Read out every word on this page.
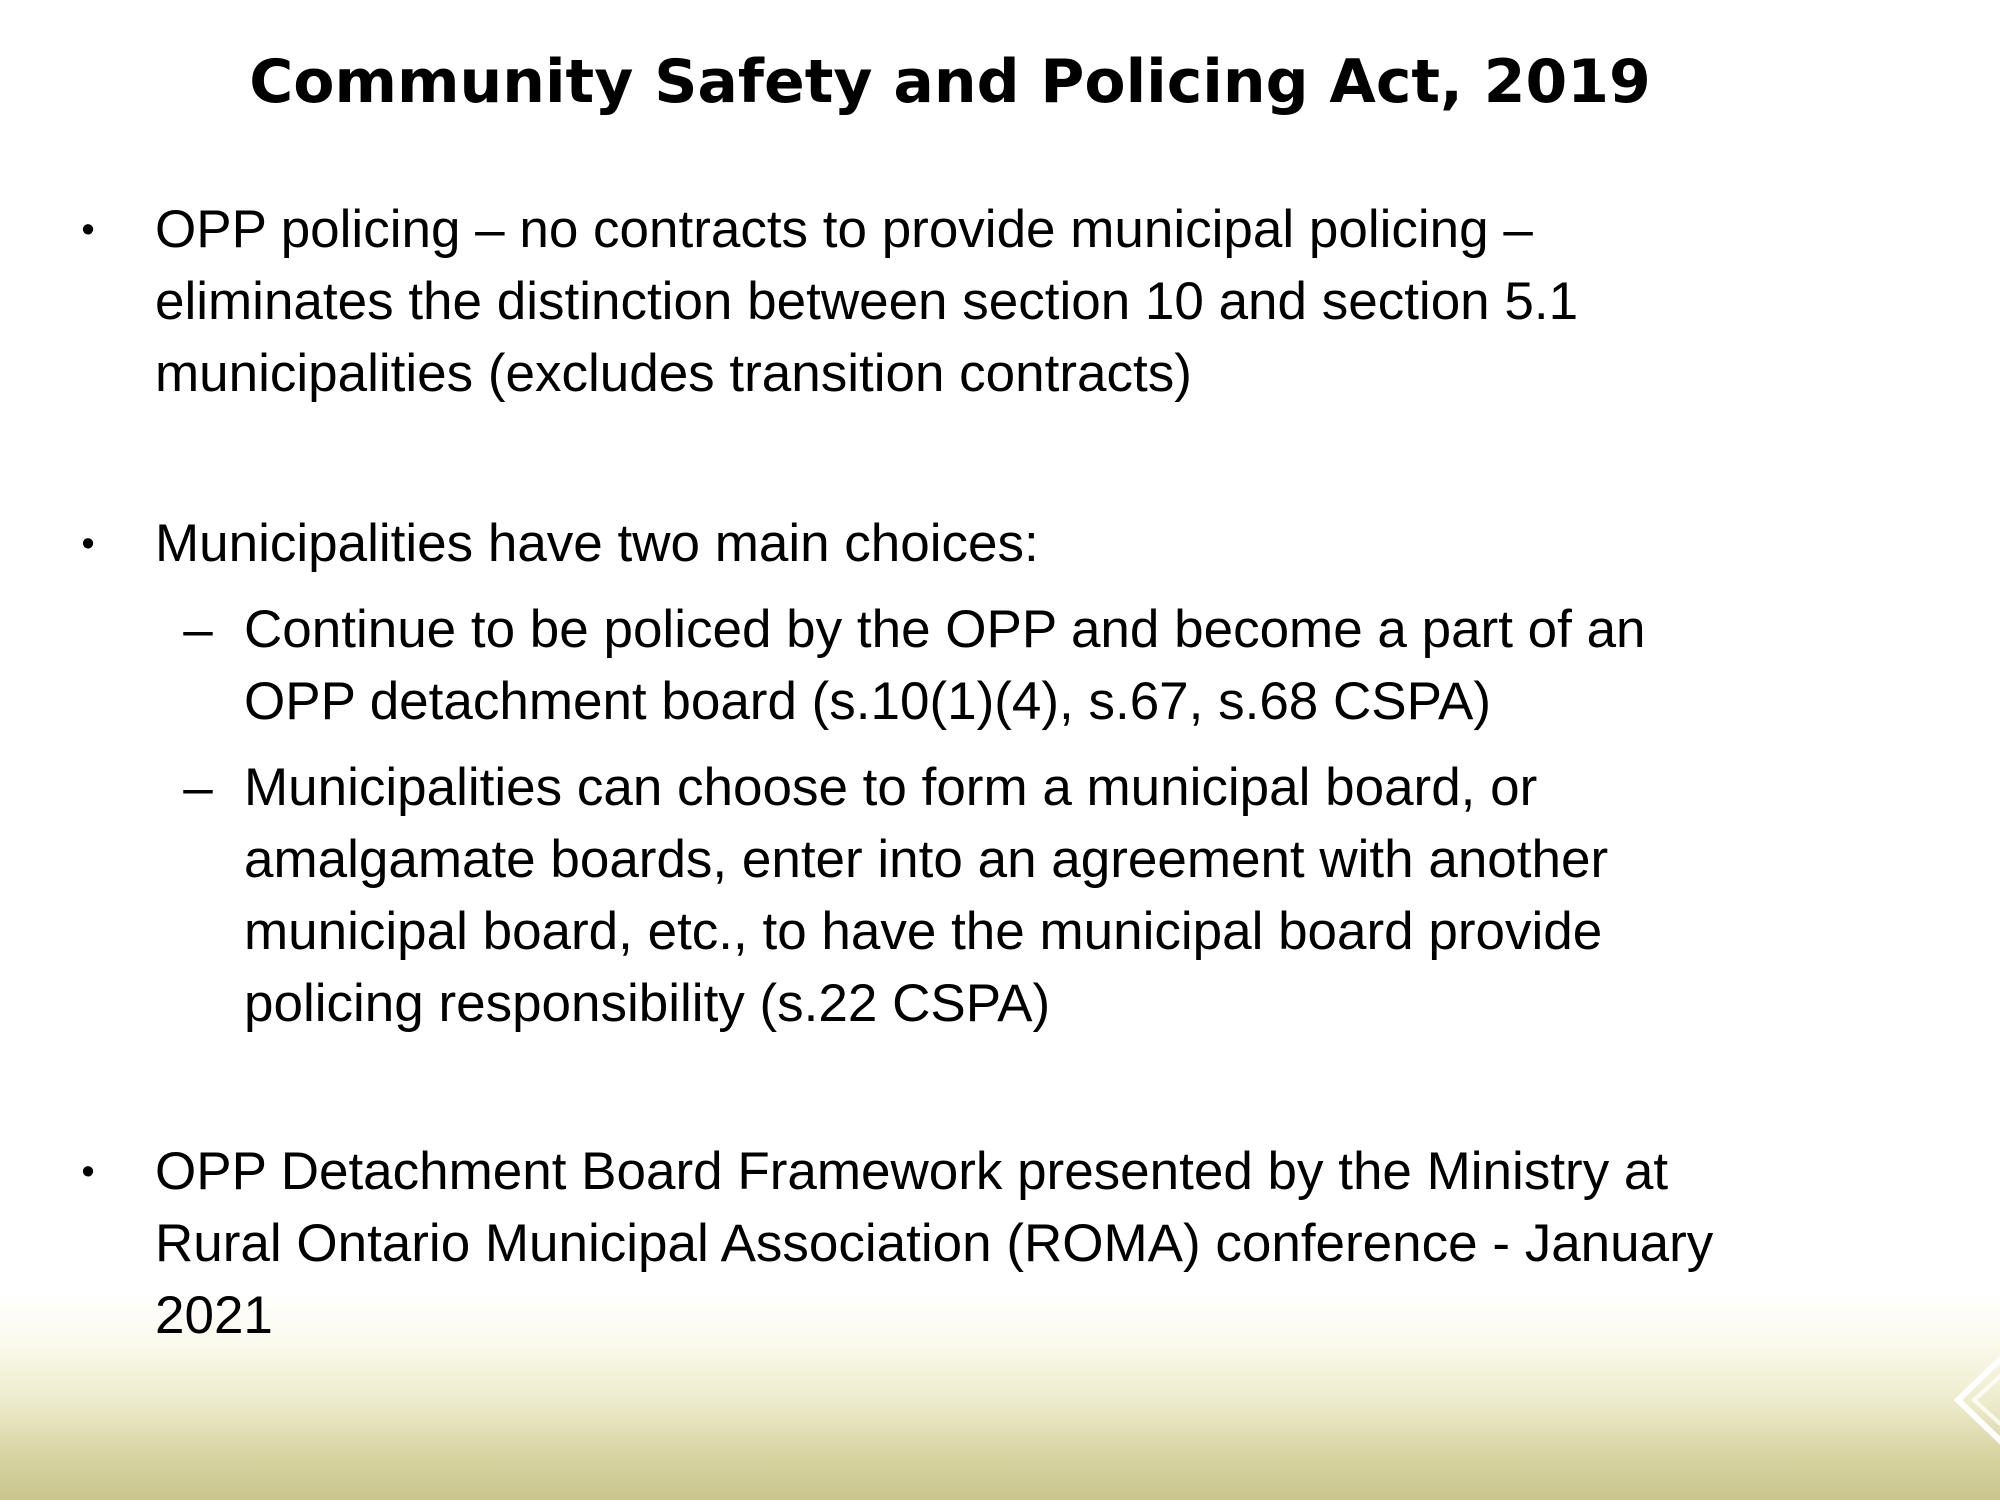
Community Safety and Policing Act, 2019
• OPP policing – no contracts to provide municipal policing –
eliminates the distinction between section 10 and section 5.1
municipalities (excludes transition contracts)
• Municipalities have two main choices:
– Continue to be policed by the OPP and become a part of an
OPP detachment board (s.10(1)(4), s.67, s.68 CSPA)
– Municipalities can choose to form a municipal board, or
amalgamate boards, enter into an agreement with another
municipal board, etc., to have the municipal board provide
policing responsibility (s.22 CSPA)
• OPP Detachment Board Framework presented by the Ministry at
Rural Ontario Municipal Association (ROMA) conference - January
2021
